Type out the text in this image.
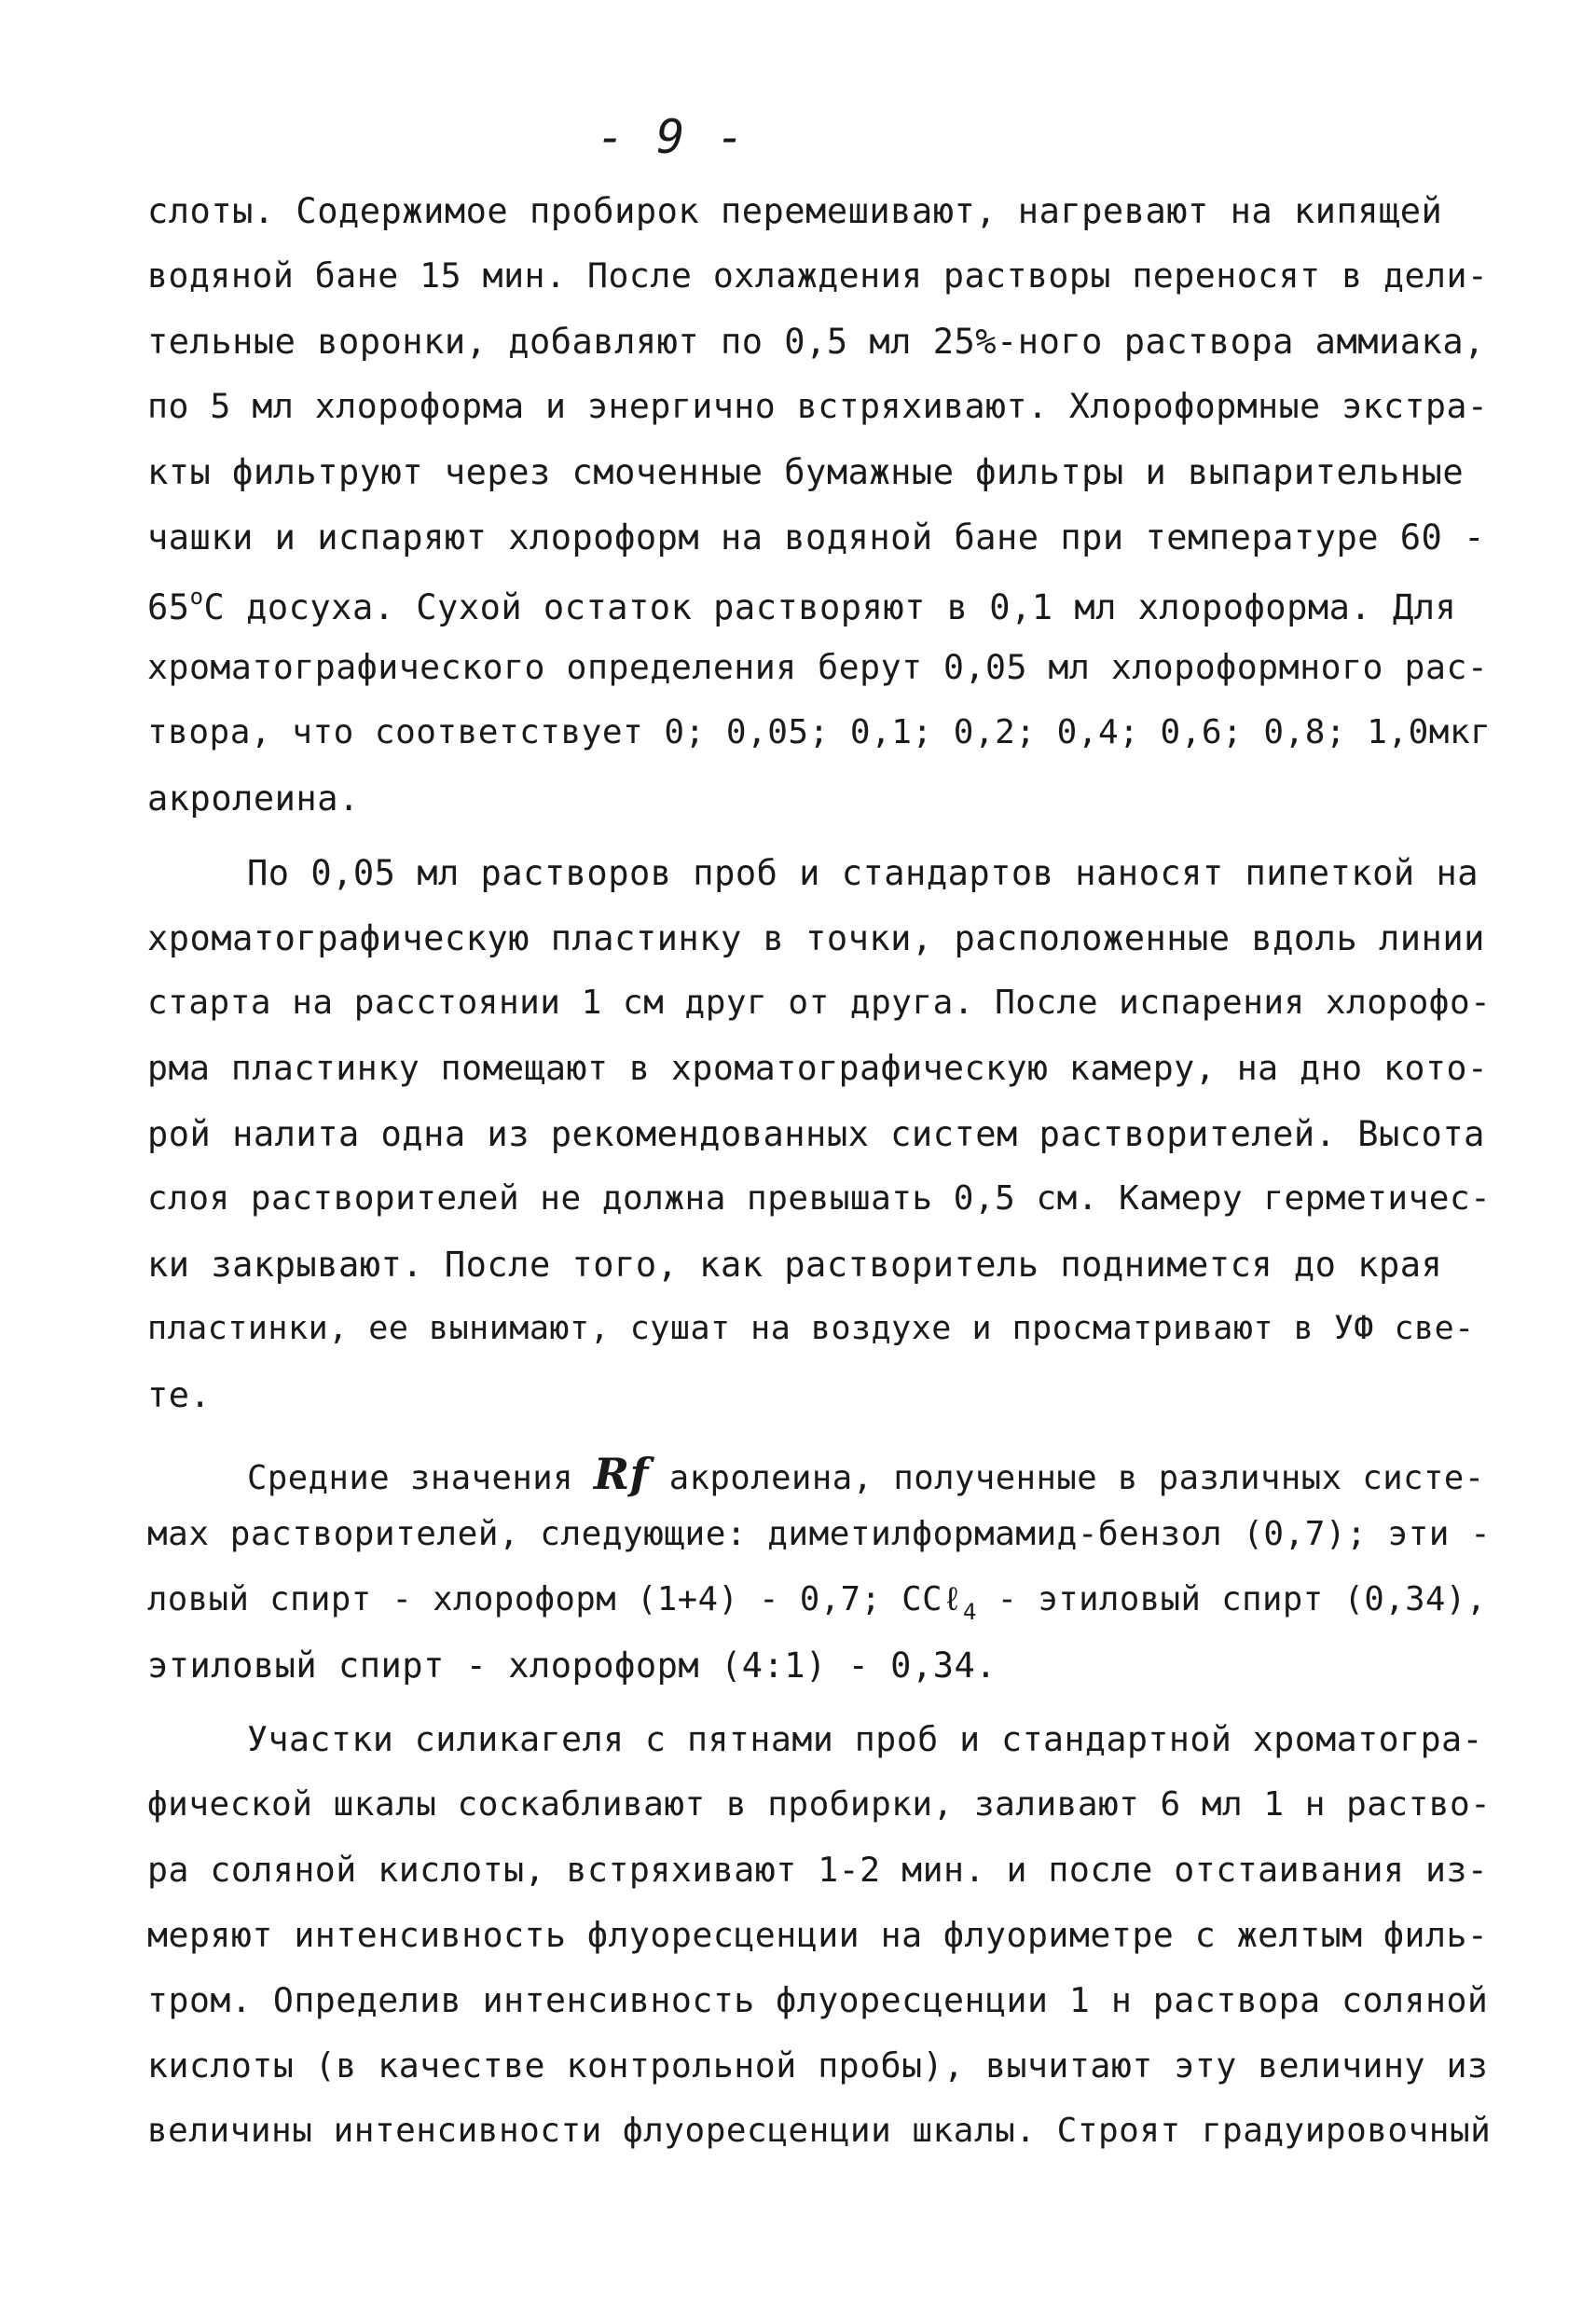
- 9 -
слоты. Содержимое пробирок перемешивают, нагревают на кипящей
водяной бане 15 мин. После охлаждения растворы переносят в дели-
тельные воронки, добавляют по 0,5 мл 25%-ного раствора аммиака,
по 5 мл хлороформа и энергично встряхивают. Хлороформные экстра-
кты фильтруют через смоченные бумажные фильтры и выпарительные
чашки и испаряют хлороформ на водяной бане при температуре 60 -
$65^оС$ досуха. Сухой остаток растворяют в 0,1 мл хлороформа. Для
хроматографического определения берут 0,05 мл хлороформного рас-
твора, что соответствует 0; 0,05; 0,1; 0,2; 0,4; 0,6; 0,8; 1,0мкг
акролеина.
По 0,05 мл растворов проб и стандартов наносят пипеткой на
хроматографическую пластинку в точки, расположенные вдоль линии
старта на расстоянии 1 см друг от друга. После испарения хлорофо-
рма пластинку помещают в хроматографическую камеру, на дно кото-
рой налита одна из рекомендованных систем растворителей. Высота
слоя растворителей не должна превышать 0,5 см. Камеру герметичес-
ки закрывают. После того, как растворитель поднимется до края
пластинки, ее вынимают, сушат на воздухе и просматривают в УФ све-
те.
Средние значения Rf акролеина, полученные в различных систе-
мах растворителей, следующие: диметилформамид-бензол (0,7); эти -
ловый спирт - хлороформ (1+4) - 0,7; CCℓ$_4$ - этиловый спирт (0,34),
этиловый спирт - хлороформ (4:1) - 0,34.
Участки силикагеля с пятнами проб и стандартной хроматогра-
фической шкалы соскабливают в пробирки, заливают 6 мл 1 н раство-
ра соляной кислоты, встряхивают 1-2 мин. и после отстаивания из-
меряют интенсивность флуоресценции на флуориметре с желтым филь-
тром. Определив интенсивность флуоресценции 1 н раствора соляной
кислоты (в качестве контрольной пробы), вычитают эту величину из
величины интенсивности флуоресценции шкалы. Строят градуировочный
